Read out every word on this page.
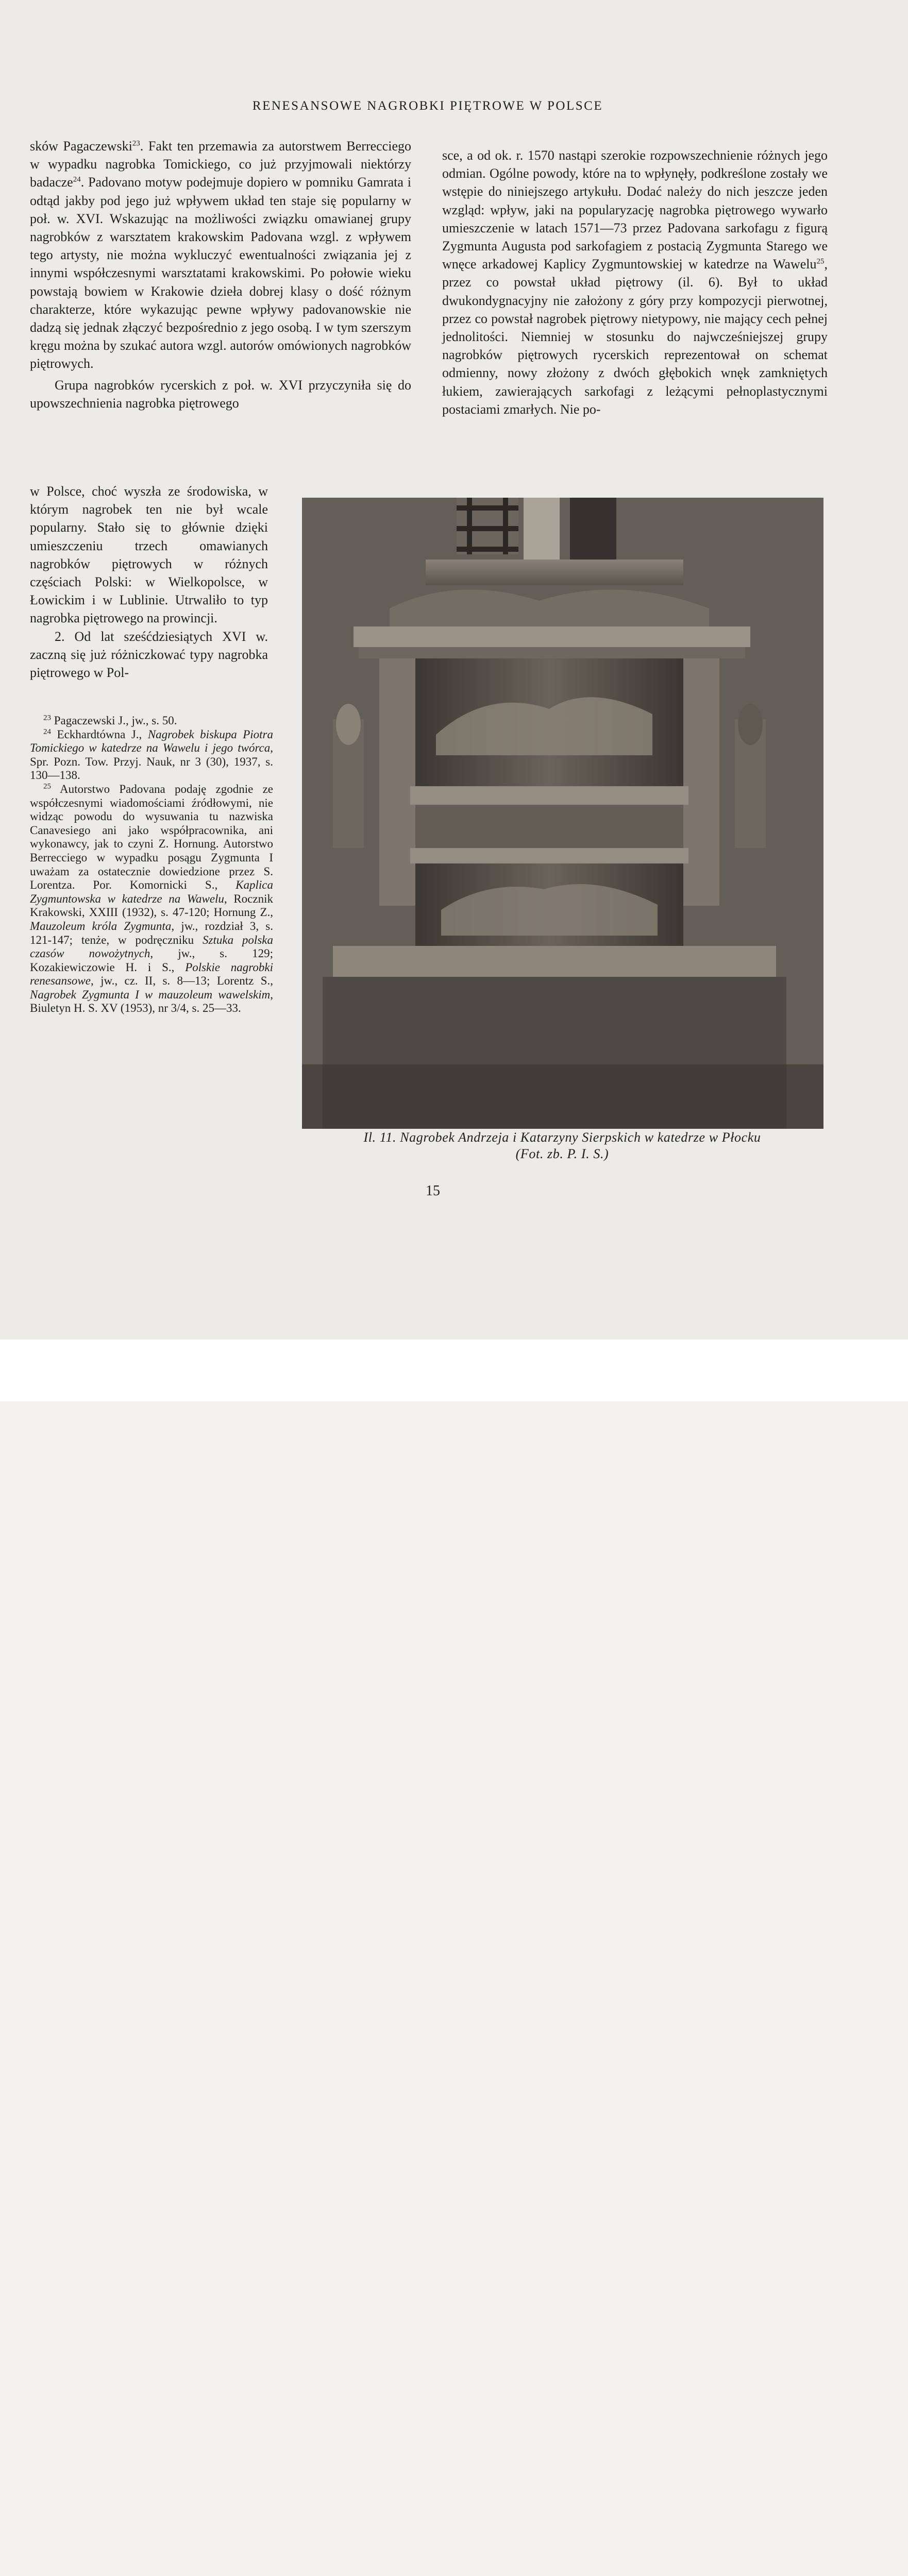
RENESANSOWE NAGROBKI PIĘTROWE W POLSCE

sków Pagaczewski$^{23}$. Fakt ten przemawia za autorstwem Berrecciego w wypadku nagrobka Tomickiego, co już przyjmowali niektórzy badacze$^{24}$. Padovano motyw podejmuje dopiero w pomniku Gamrata i odtąd jakby pod jego już wpływem układ ten staje się popularny w poł. w. XVI. Wskazując na możliwości związku omawianej grupy nagrobków z warsztatem krakowskim Padovana wzgl. z wpływem tego artysty, nie można wykluczyć ewentualności związania jej z innymi współczesnymi warsztatami krakowskimi. Po połowie wieku powstają bowiem w Krakowie dzieła dobrej klasy o dość różnym charakterze, które wykazując pewne wpływy padovanowskie nie dadzą się jednak złączyć bezpośrednio z jego osobą. I w tym szerszym kręgu można by szukać autora wzgl. autorów omówionych nagrobków piętrowych.

Grupa nagrobków rycerskich z poł. w. XVI przyczyniła się do upowszechnienia nagrobka piętrowego

w Polsce, choć wyszła ze środowiska, w którym nagrobek ten nie był wcale popularny. Stało się to głównie dzięki umieszczeniu trzech omawianych nagrobków piętrowych w różnych częściach Polski: w Wielkopolsce, w Łowickim i w Lublinie. Utrwaliło to typ nagrobka piętrowego na prowincji.

2. Od lat sześćdziesiątych XVI w. zaczną się już różniczkować typy nagrobka piętrowego w Pol-

sce, a od ok. r. 1570 nastąpi szerokie rozpowszechnienie różnych jego odmian. Ogólne powody, które na to wpłynęły, podkreślone zostały we wstępie do niniejszego artykułu. Dodać należy do nich jeszcze jeden wzgląd: wpływ, jaki na popularyzację nagrobka piętrowego wywarło umieszczenie w latach 1571—73 przez Padovana sarkofagu z figurą Zygmunta Augusta pod sarkofagiem z postacią Zygmunta Starego we wnęce arkadowej Kaplicy Zygmuntowskiej w katedrze na Wawelu$^{25}$, przez co powstał układ piętrowy (il. 6). Był to układ dwukondygnacyjny nie założony z góry przy kompozycji pierwotnej, przez co powstał nagrobek piętrowy nietypowy, nie mający cech pełnej jednolitości. Niemniej w stosunku do najwcześniejszej grupy nagrobków piętrowych rycerskich reprezentował on schemat odmienny, nowy złożony z dwóch głębokich wnęk zamkniętych łukiem, zawierających sarkofagi z leżącymi pełnoplastycznymi postaciami zmarłych. Nie po-

$^{23}$ Pagaczewski J., jw., s. 50.

$^{24}$ Eckhardtówna J., Nagrobek biskupa Piotra Tomickiego w katedrze na Wawelu i jego twórca, Spr. Pozn. Tow. Przyj. Nauk, nr 3 (30), 1937, s. 130—138.

$^{25}$ Autorstwo Padovana podaję zgodnie ze współczesnymi wiadomościami źródłowymi, nie widząc powodu do wysuwania tu nazwiska Canavesiego ani jako współpracownika, ani wykonawcy, jak to czyni Z. Hornung. Autorstwo Berrecciego w wypadku posągu Zygmunta I uważam za ostatecznie dowiedzione przez S. Lorentza. Por. Komornicki S., Kaplica Zygmuntowska w katedrze na Wawelu, Rocznik Krakowski, XXIII (1932), s. 47-120; Hornung Z., Mauzoleum króla Zygmunta, jw., rozdział 3, s. 121-147; tenże, w podręczniku Sztuka polska czasów nowożytnych, jw., s. 129; Kozakiewiczowie H. i S., Polskie nagrobki renesansowe, jw., cz. II, s. 8—13; Lorentz S., Nagrobek Zygmunta I w mauzoleum wawelskim, Biuletyn H. S. XV (1953), nr 3/4, s. 25—33.

Il. 11. Nagrobek Andrzeja i Katarzyny Sierpskich w katedrze w Płocku
(Fot. zb. P. I. S.)
15
